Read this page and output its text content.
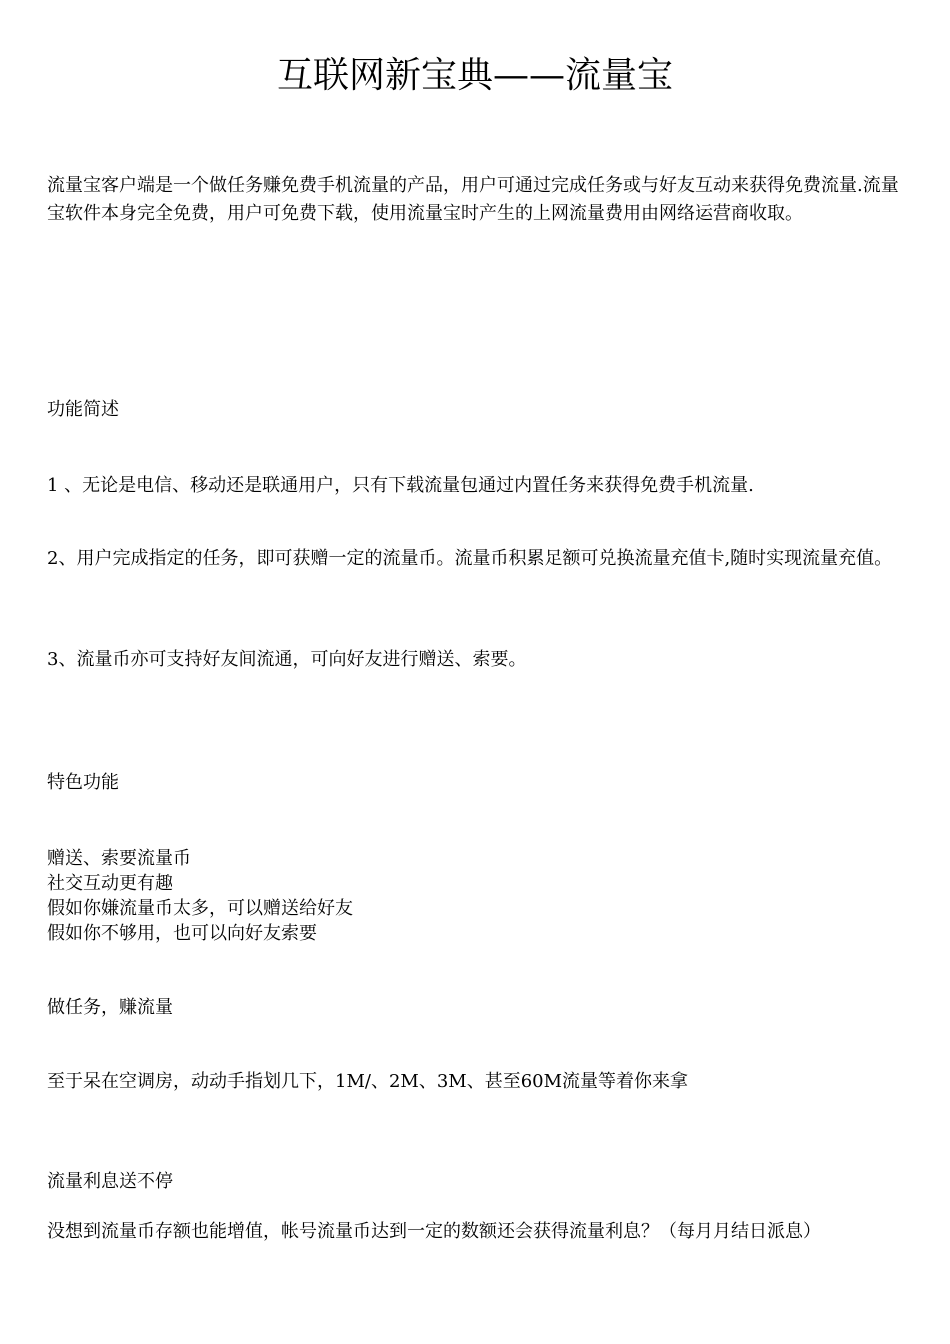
互联网新宝典——流量宝

流量宝客户端是一个做任务赚免费手机流量的产品，用户可通过完成任务或与好友互动来获得免费流量.流量宝软件本身完全免费，用户可免费下载，使用流量宝时产生的上网流量费用由网络运营商收取。

功能简述

1 、无论是电信、移动还是联通用户，只有下载流量包通过内置任务来获得免费手机流量.

2、用户完成指定的任务，即可获赠一定的流量币。流量币积累足额可兑换流量充值卡,随时实现流量充值。

3、流量币亦可支持好友间流通，可向好友进行赠送、索要。

特色功能

赠送、索要流量币
社交互动更有趣
假如你嫌流量币太多，可以赠送给好友
假如你不够用，也可以向好友索要

做任务，赚流量

至于呆在空调房，动动手指划几下，1M/、2M、3M、甚至60M流量等着你来拿

流量利息送不停

没想到流量币存额也能增值，帐号流量币达到一定的数额还会获得流量利息？（每月月结日派息）
